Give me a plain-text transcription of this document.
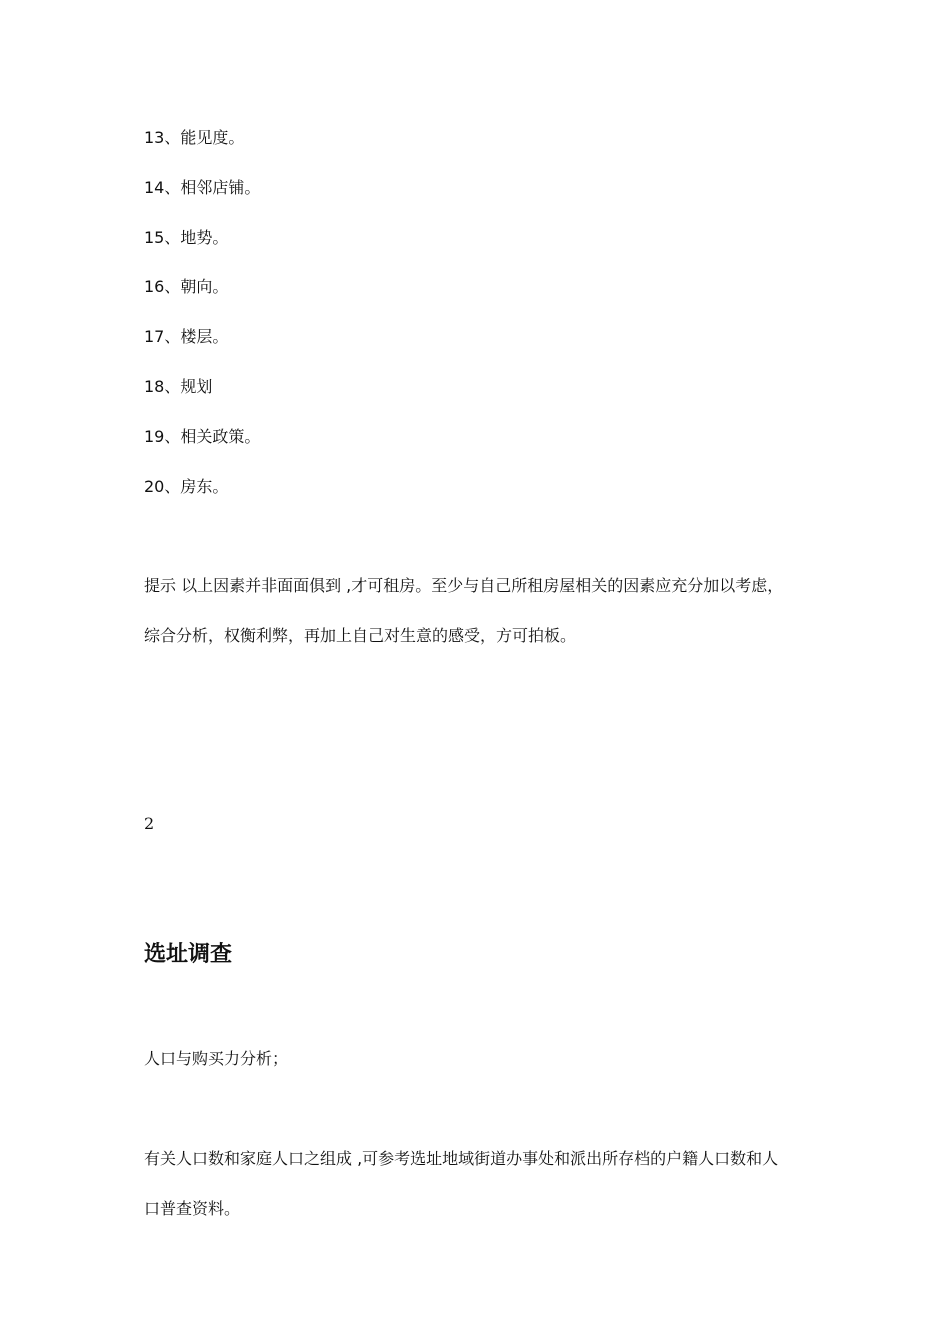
13、能见度。
14、相邻店铺。
15、地势。
16、朝向。
17、楼层。
18、规划
19、相关政策。
20、房东。
提示 以上因素并非面面俱到 ,才可租房。至少与自己所租房屋相关的因素应充分加以考虑，
综合分析，权衡利弊，再加上自己对生意的感受，方可拍板。
2
选址调查
人口与购买力分析；
有关人口数和家庭人口之组成 ,可参考选址地域街道办事处和派出所存档的户籍人口数和人
口普查资料。
